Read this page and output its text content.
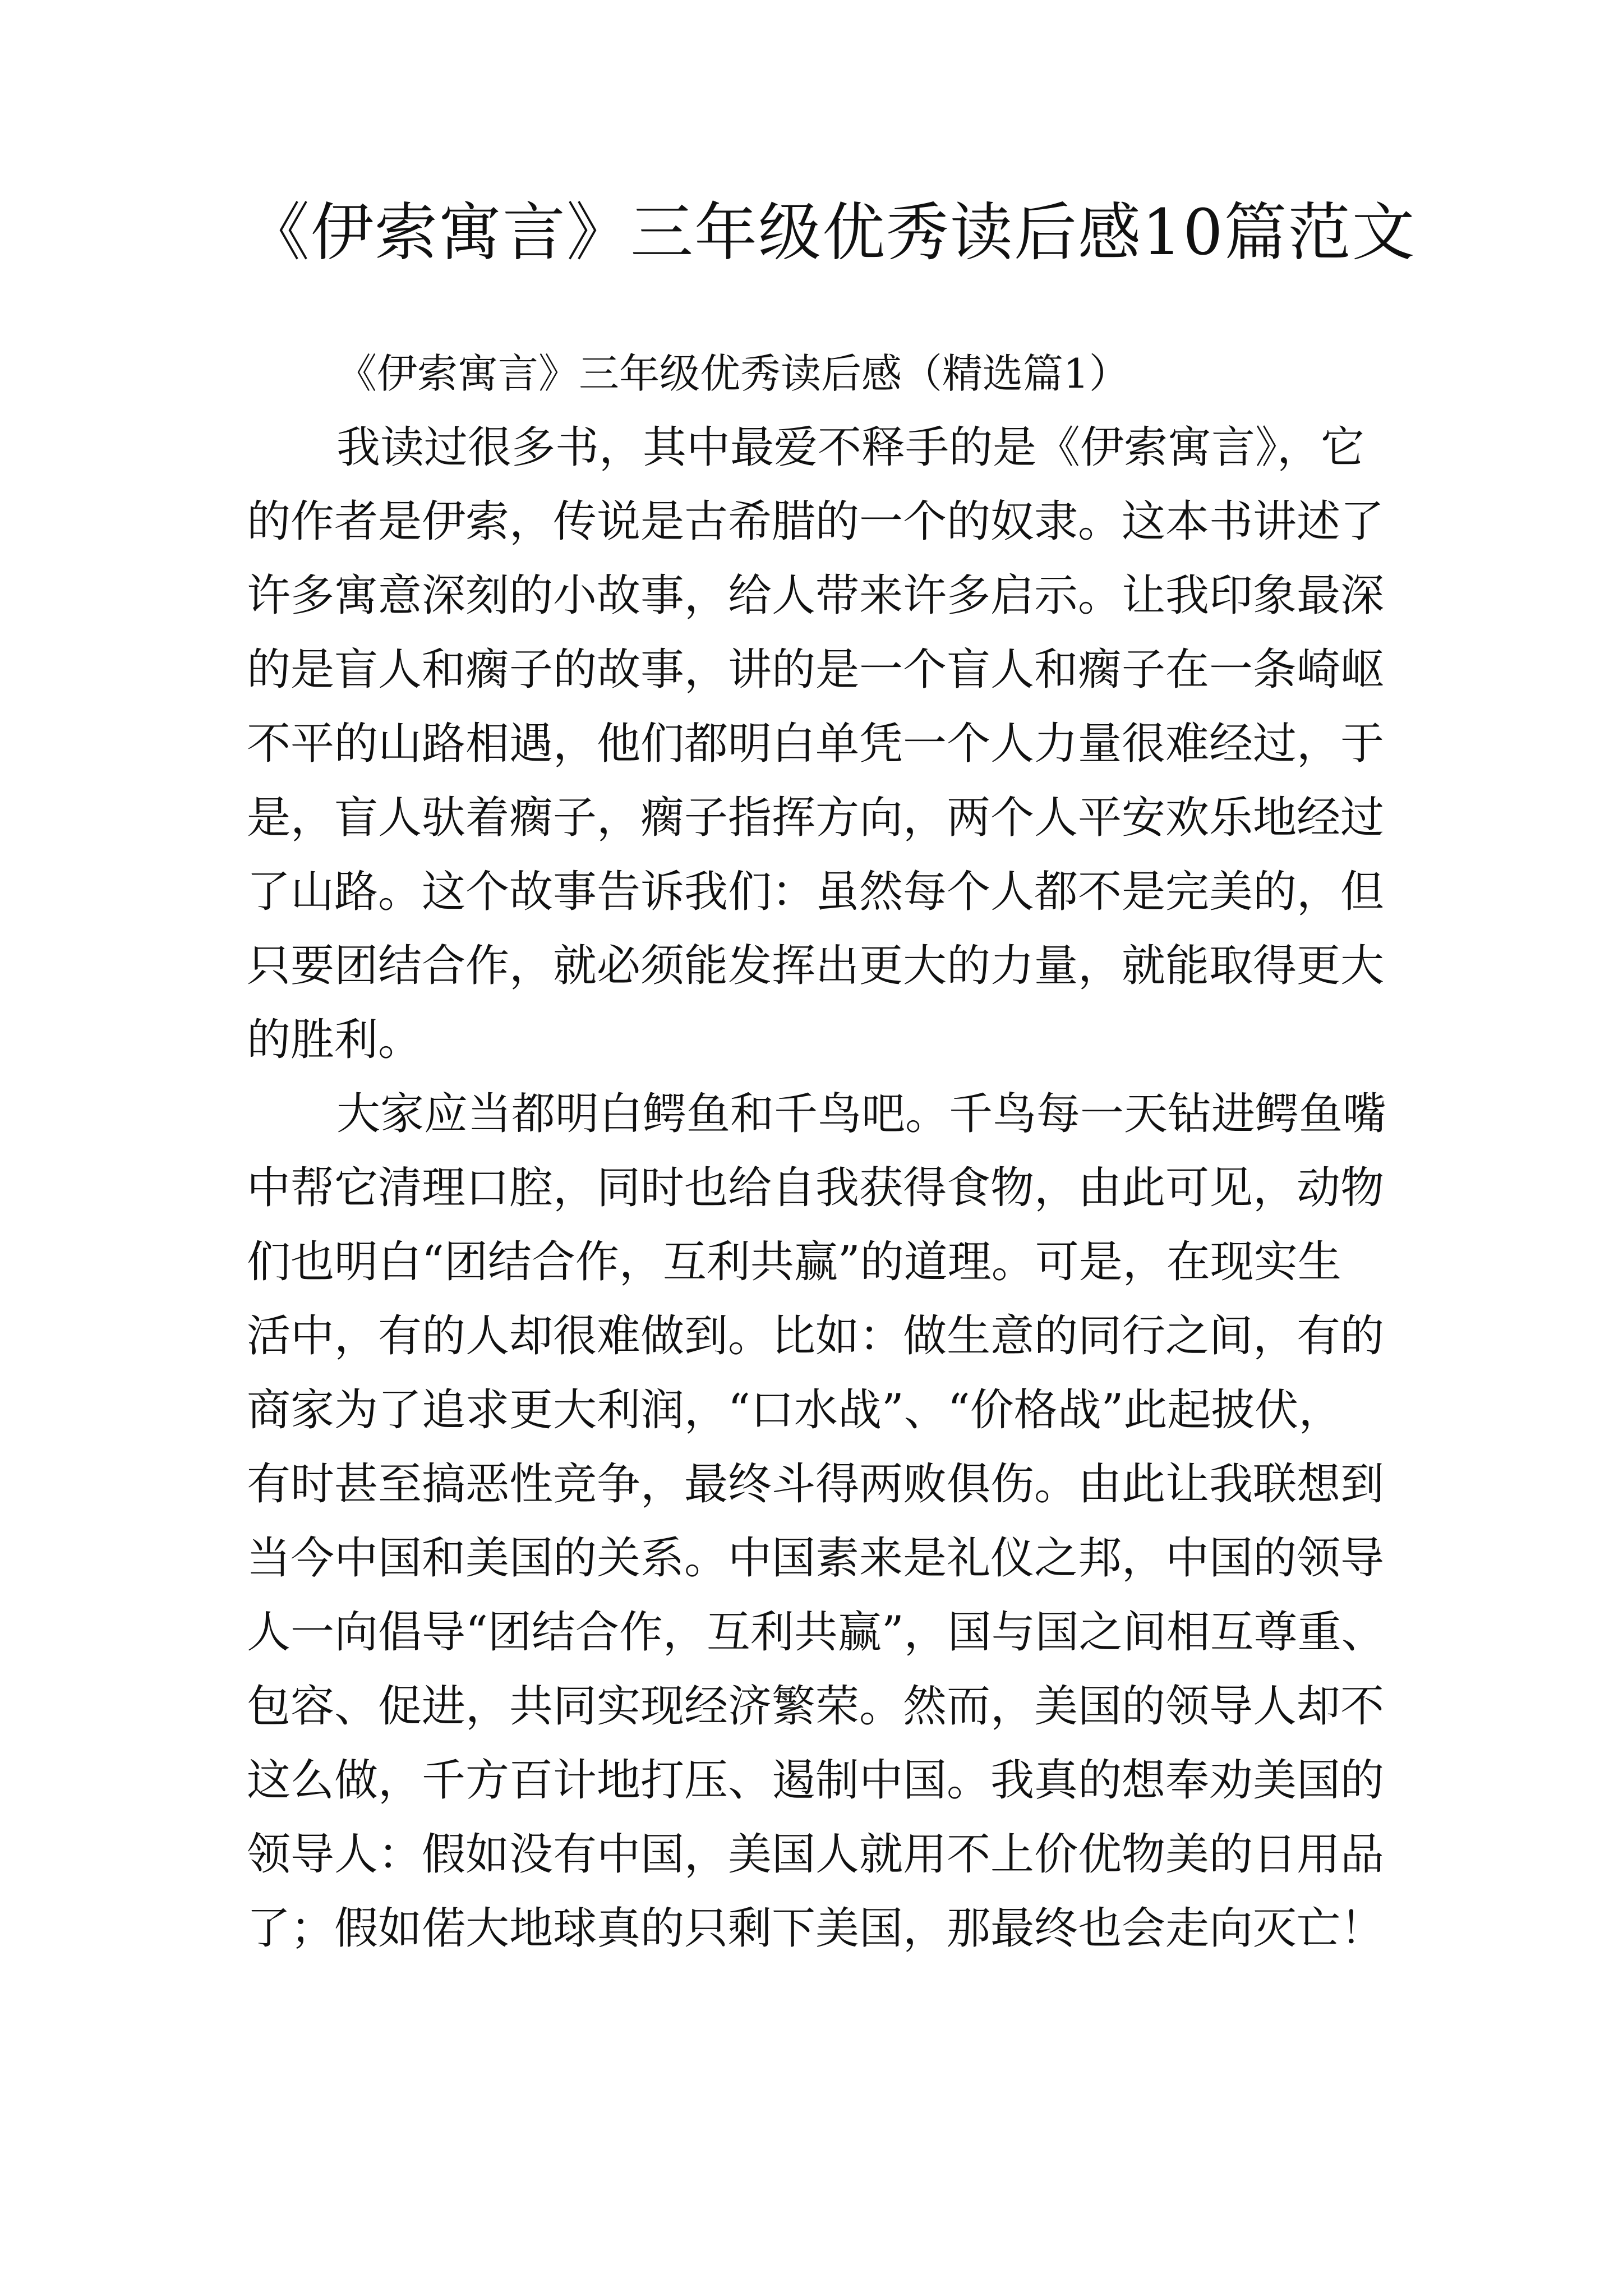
《伊索寓言》三年级优秀读后感10篇范文

《伊索寓言》三年级优秀读后感（精选篇1）

我读过很多书，其中最爱不释手的是《伊索寓言》，它
的作者是伊索，传说是古希腊的一个的奴隶。这本书讲述了
许多寓意深刻的小故事，给人带来许多启示。让我印象最深
的是盲人和瘸子的故事，讲的是一个盲人和瘸子在一条崎岖
不平的山路相遇，他们都明白单凭一个人力量很难经过，于
是，盲人驮着瘸子，瘸子指挥方向，两个人平安欢乐地经过
了山路。这个故事告诉我们：虽然每个人都不是完美的，但
只要团结合作，就必须能发挥出更大的力量，就能取得更大
的胜利。

大家应当都明白鳄鱼和千鸟吧。千鸟每一天钻进鳄鱼嘴
中帮它清理口腔，同时也给自我获得食物，由此可见，动物
们也明白“团结合作，互利共赢”的道理。可是，在现实生
活中，有的人却很难做到。比如：做生意的同行之间，有的
商家为了追求更大利润，“口水战”、“价格战”此起披伏，
有时甚至搞恶性竞争，最终斗得两败俱伤。由此让我联想到
当今中国和美国的关系。中国素来是礼仪之邦，中国的领导
人一向倡导“团结合作，互利共赢”，国与国之间相互尊重、
包容、促进，共同实现经济繁荣。然而，美国的领导人却不
这么做，千方百计地打压、遏制中国。我真的想奉劝美国的
领导人：假如没有中国，美国人就用不上价优物美的日用品
了；假如偌大地球真的只剩下美国，那最终也会走向灭亡！
